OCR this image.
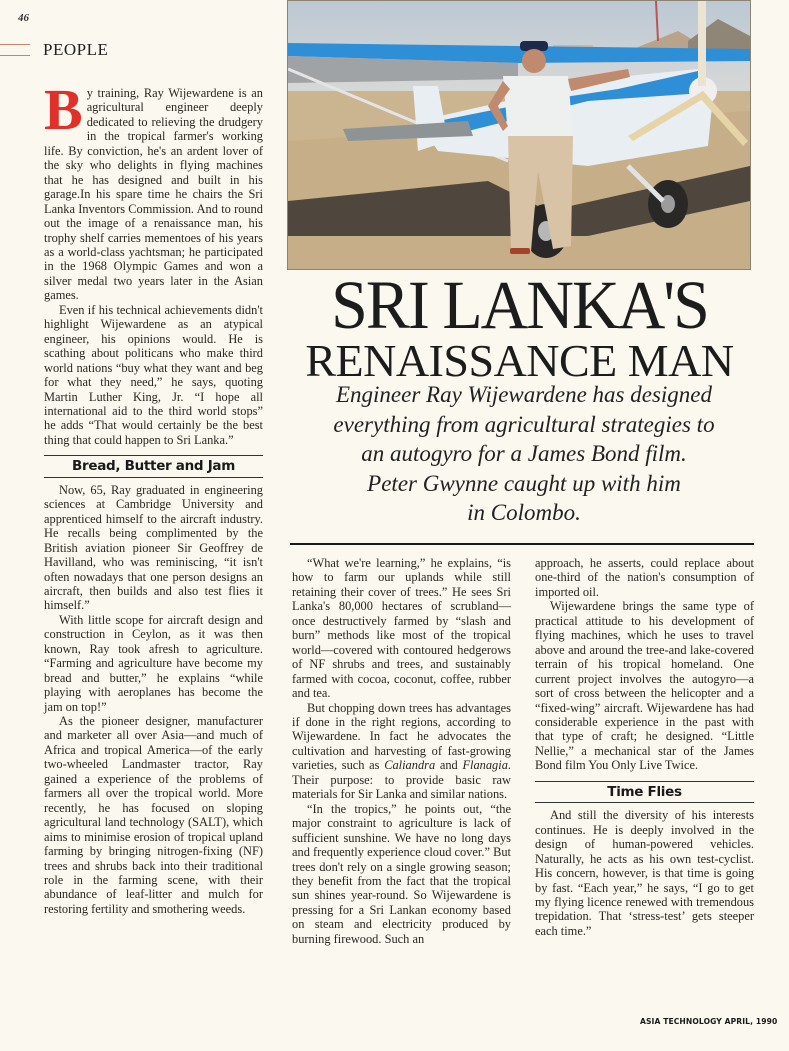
46
PEOPLE

By training, Ray Wijewardene is an agricultural engineer deeply dedicated to relieving the drudgery in the tropical farmer's working life. By conviction, he's an ardent lover of the sky who delights in flying machines that he has designed and built in his garage.In his spare time he chairs the Sri Lanka Inventors Commission. And to round out the image of a renaissance man, his trophy shelf carries mementoes of his years as a world-class yachtsman; he participated in the 1968 Olympic Games and won a silver medal two years later in the Asian games.

Even if his technical achievements didn't highlight Wijewardene as an atypical engineer, his opinions would. He is scathing about politicans who make third world nations “buy what they want and beg for what they need,” he says, quoting Martin Luther King, Jr. “I hope all international aid to the third world stops” he adds “That would certainly be the best thing that could happen to Sri Lanka.”

Bread, Butter and Jam

Now, 65, Ray graduated in engineering sciences at Cambridge University and apprenticed himself to the aircraft industry. He recalls being complimented by the British aviation pioneer Sir Geoffrey de Havilland, who was reminiscing, “it isn't often nowadays that one person designs an aircraft, then builds and also test flies it himself.”

With little scope for aircraft design and construction in Ceylon, as it was then known, Ray took afresh to agriculture. “Farming and agriculture have become my bread and butter,” he explains “while playing with aeroplanes has become the jam on top!”

As the pioneer designer, manufacturer and marketer all over Asia—and much of Africa and tropical America—of the early two-wheeled Landmaster tractor, Ray gained a experience of the problems of farmers all over the tropical world. More recently, he has focused on sloping agricultural land technology (SALT), which aims to minimise erosion of tropical upland farming by bringing nitrogen-fixing (NF) trees and shrubs back into their traditional role in the farming scene, with their abundance of leaf-litter and mulch for restoring fertility and smothering weeds.

SRI LANKA'S
RENAISSANCE MAN
Engineer Ray Wijewardene has designed
everything from agricultural strategies to
an autogyro for a James Bond film.
Peter Gwynne caught up with him
in Colombo.

“What we're learning,” he explains, “is how to farm our uplands while still retaining their cover of trees.” He sees Sri Lanka's 80,000 hectares of scrubland—once destructively farmed by “slash and burn” methods like most of the tropical world—covered with contoured hedgerows of NF shrubs and trees, and sustainably farmed with cocoa, coconut, coffee, rubber and tea.

But chopping down trees has advantages if done in the right regions, according to Wijewardene. In fact he advocates the cultivation and harvesting of fast-growing varieties, such as Caliandra and Flanagia. Their purpose: to provide basic raw materials for Sir Lanka and similar nations.

“In the tropics,” he points out, “the major constraint to agriculture is lack of sufficient sunshine. We have no long days and frequently experience cloud cover.” But trees don't rely on a single growing season; they benefit from the fact that the tropical sun shines year-round. So Wijewardene is pressing for a Sri Lankan economy based on steam and electricity produced by burning firewood. Such an

approach, he asserts, could replace about one-third of the nation's consumption of imported oil.

Wijewardene brings the same type of practical attitude to his development of flying machines, which he uses to travel above and around the tree-and lake-covered terrain of his tropical homeland. One current project involves the autogyro—a sort of cross between the helicopter and a “fixed-wing” aircraft. Wijewardene has had considerable experience in the past with that type of craft; he designed. “Little Nellie,” a mechanical star of the James Bond film You Only Live Twice.

Time Flies

And still the diversity of his interests continues. He is deeply involved in the design of human-powered vehicles. Naturally, he acts as his own test-cyclist. His concern, however, is that time is going by fast. “Each year,” he says, “I go to get my flying licence renewed with tremendous trepidation. That ‘stress-test’ gets steeper each time.”

ASIA TECHNOLOGY APRIL, 1990
